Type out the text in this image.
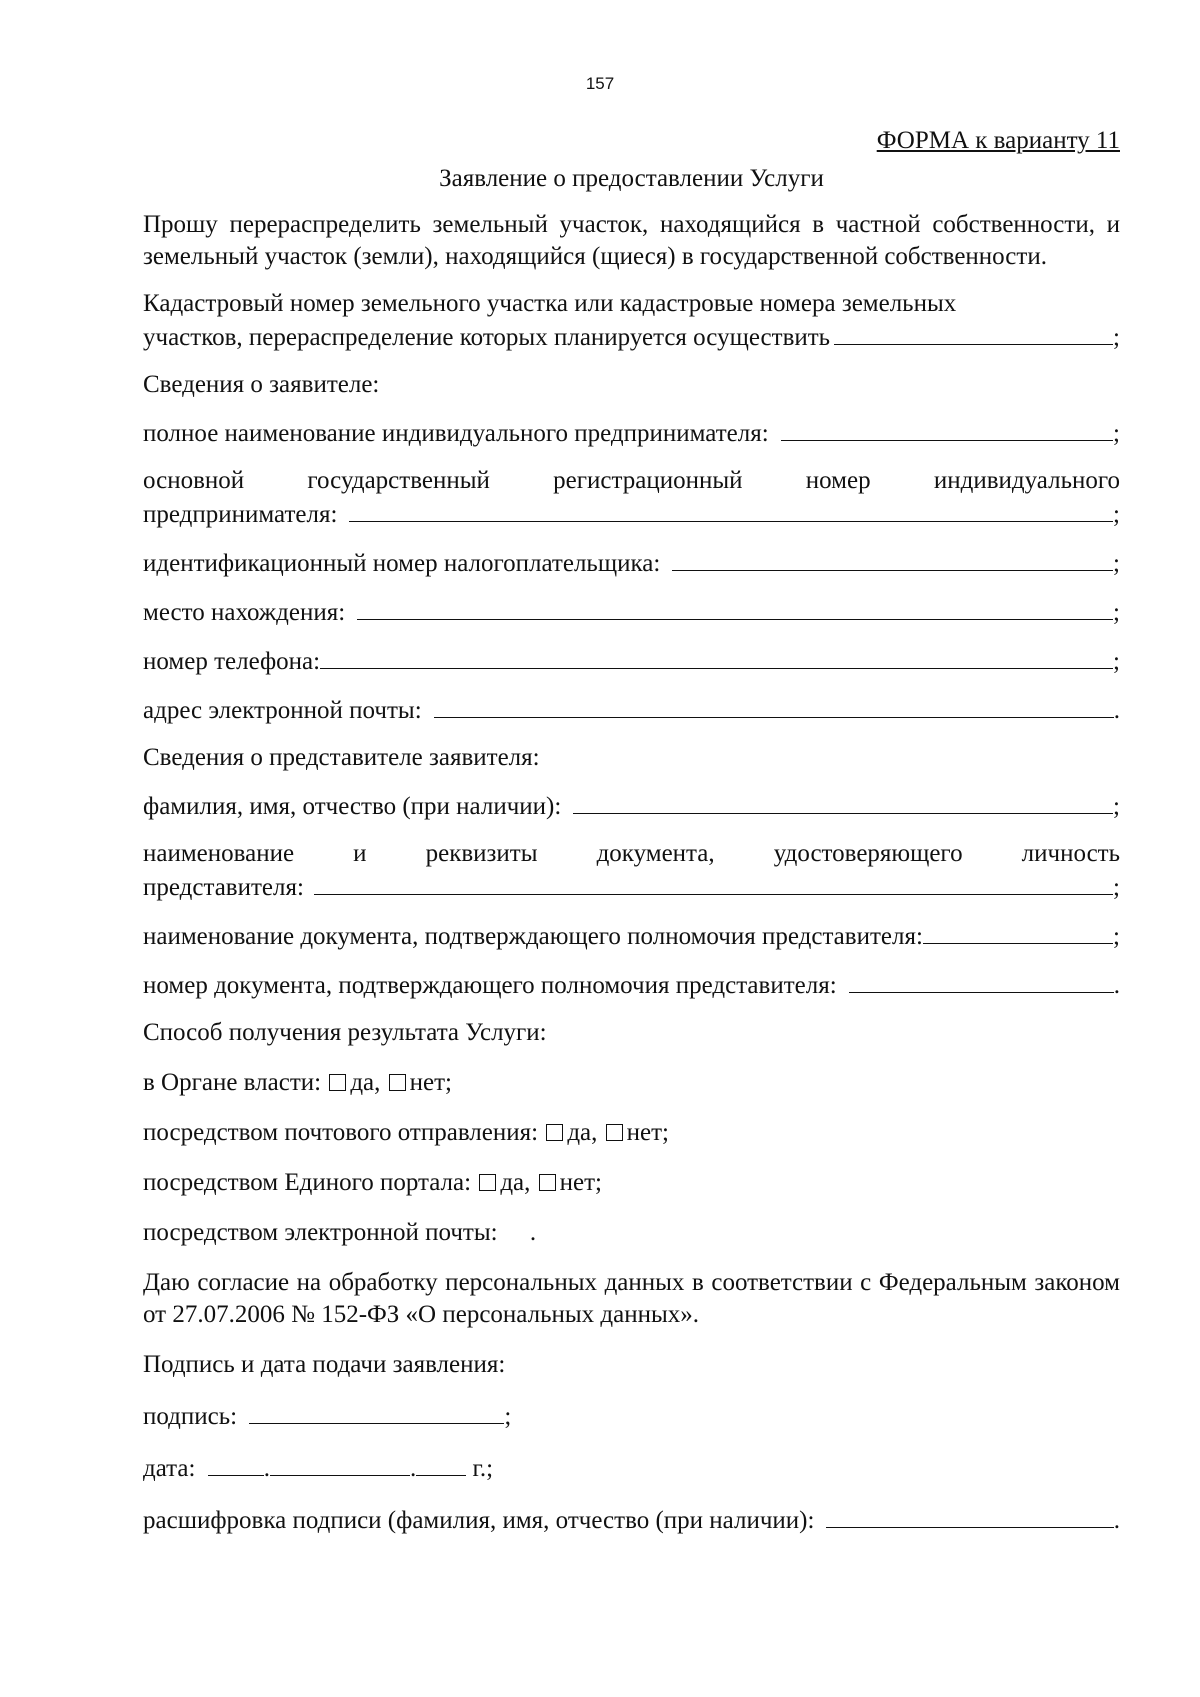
157
ФОРМА к варианту 11
Заявление о предоставлении Услуги
Прошу перераспределить земельный участок, находящийся в частной собственности, и земельный участок (земли), находящийся (щиеся) в государственной собственности.
Кадастровый номер земельного участка или кадастровые номера земельных
участков, перераспределение которых планируется осуществить	;
Сведения о заявителе:
полное наименование индивидуального предпринимателя:	;
основной государственный регистрационный номер индивидуального
предпринимателя:	;
идентификационный номер налогоплательщика:	;
место нахождения:	;
номер телефона:	;
адрес электронной почты:	.
Сведения о представителе заявителя:
фамилия, имя, отчество (при наличии):	;
наименование и реквизиты документа, удостоверяющего личность
представителя:	;
наименование документа, подтверждающего полномочия представителя:	;
номер документа, подтверждающего полномочия представителя:	.
Способ получения результата Услуги:
в Органе власти: да, нет;
посредством почтового отправления: да, нет;
посредством Единого портала: да, нет;
посредством электронной почты: .
Даю согласие на обработку персональных данных в соответствии с Федеральным законом от 27.07.2006 № 152-ФЗ «О персональных данных».
Подпись и дата подачи заявления:
подпись:	;
дата:	.	. г.;
расшифровка подписи (фамилия, имя, отчество (при наличии):	.
